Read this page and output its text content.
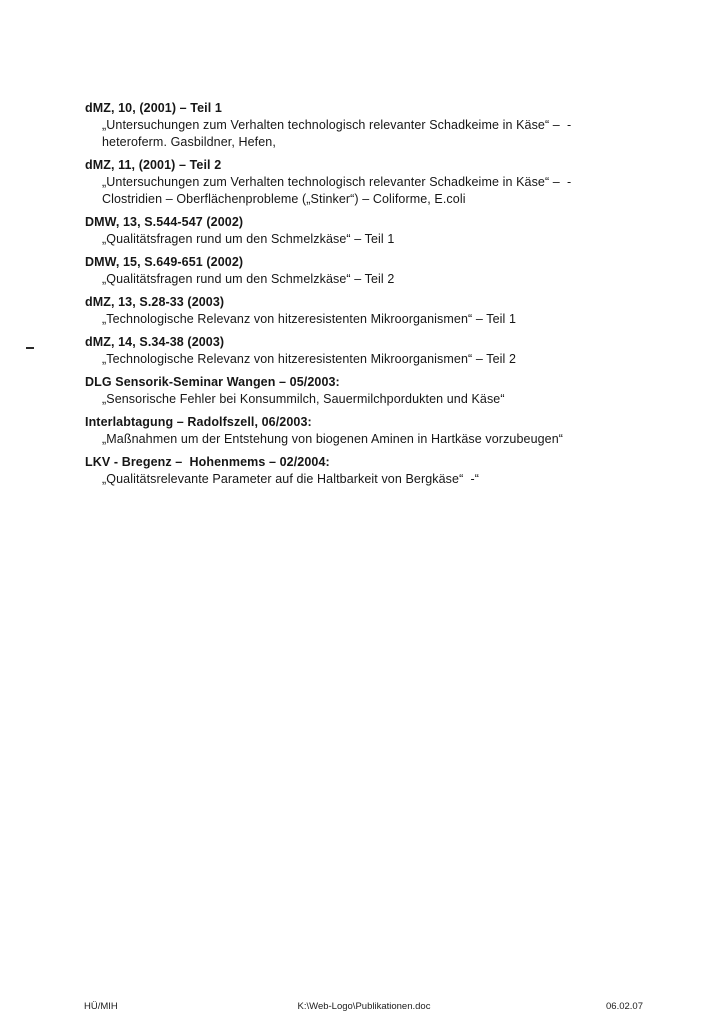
dMZ, 10, (2001) – Teil 1
„Untersuchungen zum Verhalten technologisch relevanter Schadkeime in Käse“ –  -
heteroferm. Gasbildner, Hefen,
dMZ, 11, (2001) – Teil 2
„Untersuchungen zum Verhalten technologisch relevanter Schadkeime in Käse“ –  -
Clostridien – Oberflächenprobleme („Stinker“) – Coliforme, E.coli
DMW, 13, S.544-547 (2002)
„Qualitätsfragen rund um den Schmelzkäse“ – Teil 1
DMW, 15, S.649-651 (2002)
„Qualitätsfragen rund um den Schmelzkäse“ – Teil 2
dMZ, 13, S.28-33 (2003)
„Technologische Relevanz von hitzeresistenten Mikroorganismen“ – Teil 1
dMZ, 14, S.34-38 (2003)
„Technologische Relevanz von hitzeresistenten Mikroorganismen“ – Teil 2
DLG Sensorik-Seminar Wangen – 05/2003:
„Sensorische Fehler bei Konsummilch, Sauermilchpordukten und Käse“
Interlabtagung – Radolfszell, 06/2003:
„Maßnahmen um der Entstehung von biogenen Aminen in Hartkäse vorzubeugen“
LKV - Bregenz –  Hohenmems – 02/2004:
„Qualitätsrelevante Parameter auf die Haltbarkeit von Bergkäse“  -“
HÜ/MIH	K:\Web-Logo\Publikationen.doc	06.02.07
